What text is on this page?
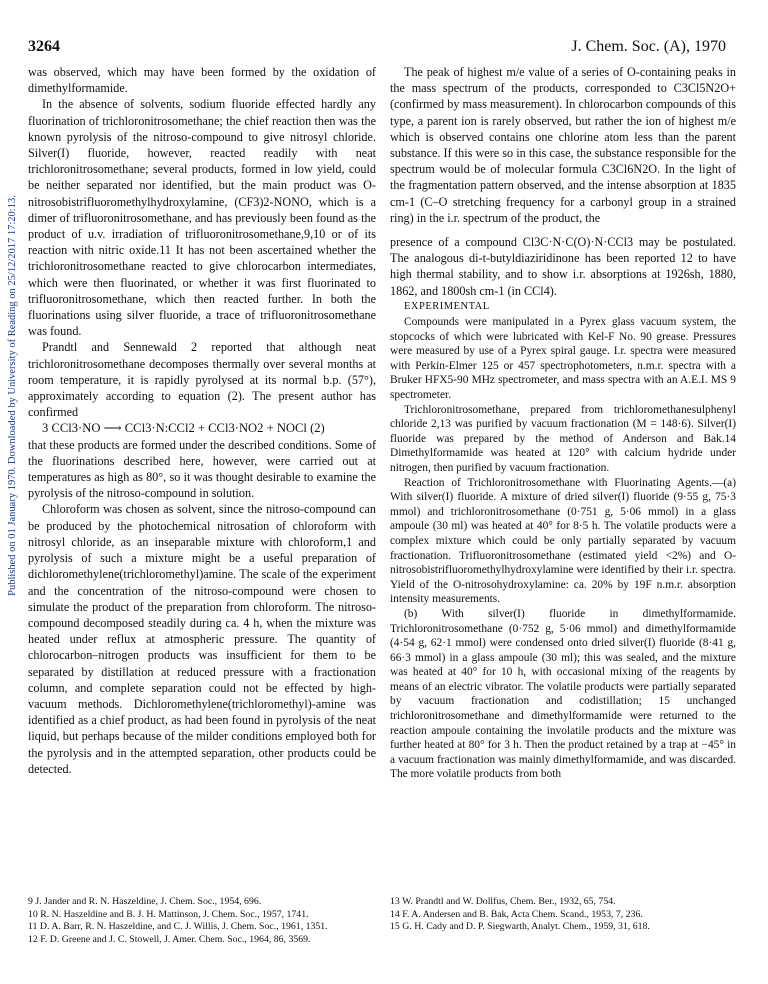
3264	J. Chem. Soc. (A), 1970
Published on 01 January 1970. Downloaded by University of Reading on 25/12/2017 17:20:13.

was observed, which may have been formed by the oxidation of dimethylformamide.

In the absence of solvents, sodium fluoride effected hardly any fluorination of trichloronitrosomethane; the chief reaction then was the known pyrolysis of the nitroso-compound to give nitrosyl chloride. Silver(I) fluoride, however, reacted readily with neat trichloronitrosomethane; several products, formed in low yield, could be neither separated nor identified, but the main product was O-nitrosobistrifluoromethylhydroxylamine, (CF3)2-NONO, which is a dimer of trifluoronitrosomethane, and has previously been found as the product of u.v. irradiation of trifluoronitrosomethane,9,10 or of its reaction with nitric oxide.11 It has not been ascertained whether the trichloronitrosomethane reacted to give chlorocarbon intermediates, which were then fluorinated, or whether it was first fluorinated to trifluoronitrosomethane, which then reacted further. In both the fluorinations using silver fluoride, a trace of trifluoronitrosomethane was found.

Prandtl and Sennewald 2 reported that although neat trichloronitrosomethane decomposes thermally over several months at room temperature, it is rapidly pyrolysed at its normal b.p. (57°), approximately according to equation (2). The present author has confirmed

3 CCl3·NO ⟶ CCl3·N:CCl2 + CCl3·NO2 + NOCl (2)

that these products are formed under the described conditions. Some of the fluorinations described here, however, were carried out at temperatures as high as 80°, so it was thought desirable to examine the pyrolysis of the nitroso-compound in solution.

Chloroform was chosen as solvent, since the nitroso-compound can be produced by the photochemical nitrosation of chloroform with nitrosyl chloride, as an inseparable mixture with chloroform,1 and pyrolysis of such a mixture might be a useful preparation of dichloromethylene(trichloromethyl)amine. The scale of the experiment and the concentration of the nitroso-compound were chosen to simulate the product of the preparation from chloroform. The nitroso-compound decomposed steadily during ca. 4 h, when the mixture was heated under reflux at atmospheric pressure. The quantity of chlorocarbon–nitrogen products was insufficient for them to be separated by distillation at reduced pressure with a fractionation column, and complete separation could not be effected by high-vacuum methods. Dichloromethylene(trichloromethyl)-amine was identified as a chief product, as had been found in pyrolysis of the neat liquid, but perhaps because of the milder conditions employed both for the pyrolysis and in the attempted separation, other products could be detected.

The peak of highest m/e value of a series of O-containing peaks in the mass spectrum of the products, corresponded to C3Cl5N2O+ (confirmed by mass measurement). In chlorocarbon compounds of this type, a parent ion is rarely observed, but rather the ion of highest m/e which is observed contains one chlorine atom less than the parent substance. If this were so in this case, the substance responsible for the spectrum would be of molecular formula C3Cl6N2O. In the light of the fragmentation pattern observed, and the intense absorption at 1835 cm-1 (C–O stretching frequency for a carbonyl group in a strained ring) in the i.r. spectrum of the product, the

presence of a compound Cl3C·N·C(O)·N·CCl3 may be postulated. The analogous di-t-butyldiaziridinone has been reported 12 to have high thermal stability, and to show i.r. absorptions at 1926sh, 1880, 1862, and 1800sh cm-1 (in CCl4).

EXPERIMENTAL

Compounds were manipulated in a Pyrex glass vacuum system, the stopcocks of which were lubricated with Kel-F No. 90 grease. Pressures were measured by use of a Pyrex spiral gauge. I.r. spectra were measured with Perkin-Elmer 125 or 457 spectrophotometers, n.m.r. spectra with a Bruker HFX5-90 MHz spectrometer, and mass spectra with an A.E.I. MS 9 spectrometer.

Trichloronitrosomethane, prepared from trichloromethanesulphenyl chloride 2,13 was purified by vacuum fractionation (M = 148·6). Silver(I) fluoride was prepared by the method of Anderson and Bak.14 Dimethylformamide was heated at 120° with calcium hydride under nitrogen, then purified by vacuum fractionation.

Reaction of Trichloronitrosomethane with Fluorinating Agents.—(a) With silver(I) fluoride. A mixture of dried silver(I) fluoride (9·55 g, 75·3 mmol) and trichloronitrosomethane (0·751 g, 5·06 mmol) in a glass ampoule (30 ml) was heated at 40° for 8·5 h. The volatile products were a complex mixture which could be only partially separated by vacuum fractionation. Trifluoronitrosomethane (estimated yield <2%) and O-nitrosobistrifluoromethylhydroxylamine were identified by their i.r. spectra. Yield of the O-nitrosohydroxylamine: ca. 20% by 19F n.m.r. absorption intensity measurements.

(b) With silver(I) fluoride in dimethylformamide. Trichloronitrosomethane (0·752 g, 5·06 mmol) and dimethylformamide (4·54 g, 62·1 mmol) were condensed onto dried silver(I) fluoride (8·41 g, 66·3 mmol) in a glass ampoule (30 ml); this was sealed, and the mixture was heated at 40° for 10 h, with occasional mixing of the reagents by means of an electric vibrator. The volatile products were partially separated by vacuum fractionation and codistillation; 15 unchanged trichloronitrosomethane and dimethylformamide were returned to the reaction ampoule containing the involatile products and the mixture was further heated at 80° for 3 h. Then the product retained by a trap at −45° in a vacuum fractionation was mainly dimethylformamide, and was discarded. The more volatile products from both

9 J. Jander and R. N. Haszeldine, J. Chem. Soc., 1954, 696.

10 R. N. Haszeldine and B. J. H. Mattinson, J. Chem. Soc., 1957, 1741.

11 D. A. Barr, R. N. Haszeldine, and C. J. Willis, J. Chem. Soc., 1961, 1351.

12 F. D. Greene and J. C. Stowell, J. Amer. Chem. Soc., 1964, 86, 3569.

13 W. Prandtl and W. Dollfus, Chem. Ber., 1932, 65, 754.

14 F. A. Andersen and B. Bak, Acta Chem. Scand., 1953, 7, 236.

15 G. H. Cady and D. P. Siegwarth, Analyt. Chem., 1959, 31, 618.
